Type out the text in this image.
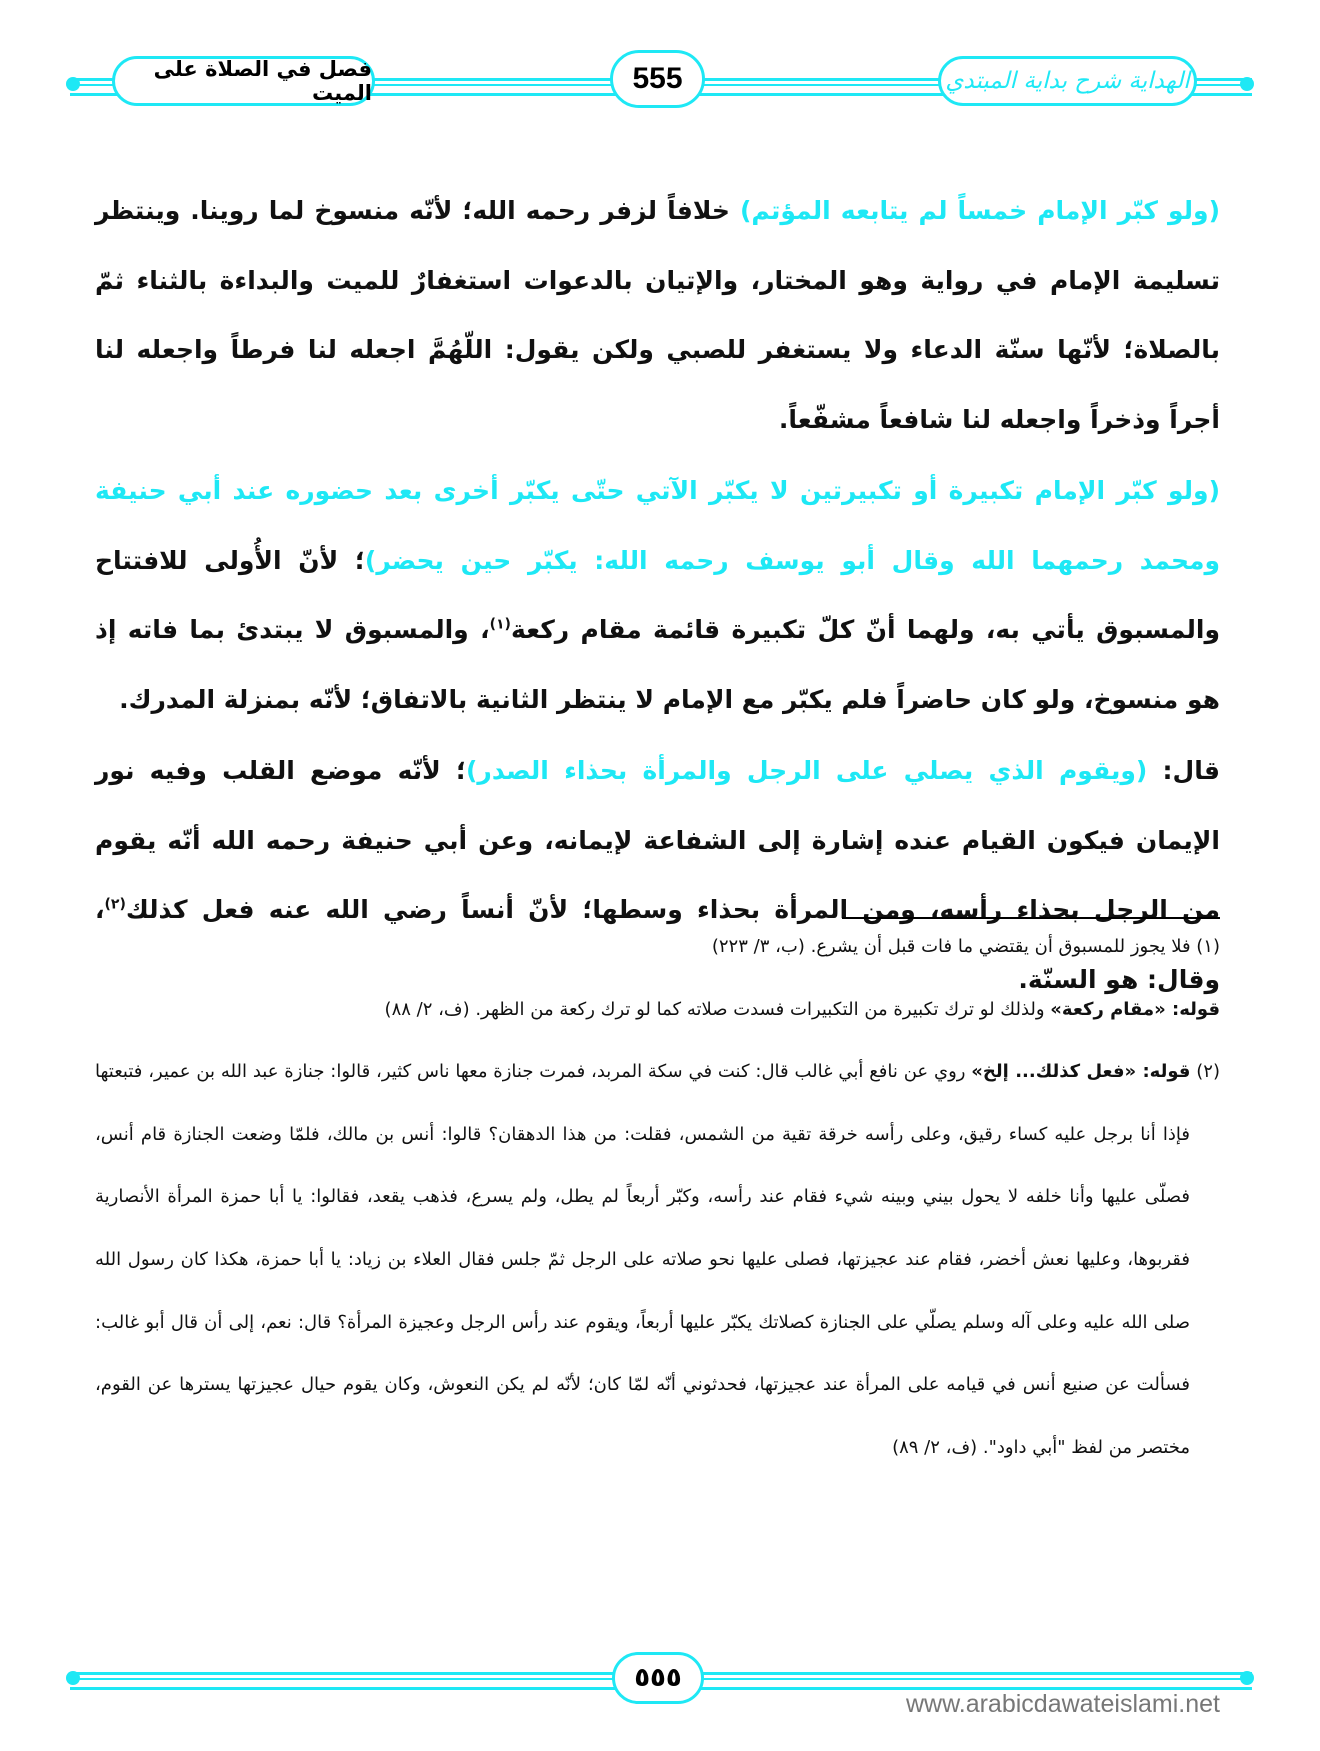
فصل في الصلاة على الميت	555	الهداية شرح بداية المبتدي

(ولو كبّر الإمام خمساً لم يتابعه المؤتم) خلافاً لزفر رحمه الله؛ لأنّه منسوخ لما روينا. وينتظر تسليمة الإمام في رواية وهو المختار، والإتيان بالدعوات استغفارٌ للميت والبداءة بالثناء ثمّ بالصلاة؛ لأنّها سنّة الدعاء ولا يستغفر للصبي ولكن يقول: اللّهُمَّ اجعله لنا فرطاً واجعله لنا أجراً وذخراً واجعله لنا شافعاً مشفّعاً.

(ولو كبّر الإمام تكبيرة أو تكبيرتين لا يكبّر الآتي حتّى يكبّر أخرى بعد حضوره عند أبي حنيفة ومحمد رحمهما الله وقال أبو يوسف رحمه الله: يكبّر حين يحضر)؛ لأنّ الأُولى للافتتاح والمسبوق يأتي به، ولهما أنّ كلّ تكبيرة قائمة مقام ركعة$^{(١)}$، والمسبوق لا يبتدئ بما فاته إذ هو منسوخ، ولو كان حاضراً فلم يكبّر مع الإمام لا ينتظر الثانية بالاتفاق؛ لأنّه بمنزلة المدرك.

قال: (ويقوم الذي يصلي على الرجل والمرأة بحذاء الصدر)؛ لأنّه موضع القلب وفيه نور الإيمان فيكون القيام عنده إشارة إلى الشفاعة لإيمانه، وعن أبي حنيفة رحمه الله أنّه يقوم من الرجل بحذاء رأسه، ومن المرأة بحذاء وسطها؛ لأنّ أنساً رضي الله عنه فعل كذلك$^{(٢)}$، وقال: هو السنّة.

(١) فلا يجوز للمسبوق أن يقتضي ما فات قبل أن يشرع. (ب، ٣/ ٢٢٣)

قوله: «مقام ركعة» ولذلك لو ترك تكبيرة من التكبيرات فسدت صلاته كما لو ترك ركعة من الظهر. (ف، ٢/ ٨٨)

(٢) قوله: «فعل كذلك... إلخ» روي عن نافع أبي غالب قال: كنت في سكة المربد، فمرت جنازة معها ناس كثير، قالوا: جنازة عبد الله بن عمير، فتبعتها فإذا أنا برجل عليه كساء رقيق، وعلى رأسه خرقة تقية من الشمس، فقلت: من هذا الدهقان؟ قالوا: أنس بن مالك، فلمّا وضعت الجنازة قام أنس، فصلّى عليها وأنا خلفه لا يحول بيني وبينه شيء فقام عند رأسه، وكبّر أربعاً لم يطل، ولم يسرع، فذهب يقعد، فقالوا: يا أبا حمزة المرأة الأنصارية فقربوها، وعليها نعش أخضر، فقام عند عجيزتها، فصلى عليها نحو صلاته على الرجل ثمّ جلس فقال العلاء بن زياد: يا أبا حمزة، هكذا كان رسول الله صلى الله عليه وعلى آله وسلم يصلّي على الجنازة كصلاتك يكبّر عليها أربعاً، ويقوم عند رأس الرجل وعجيزة المرأة؟ قال: نعم، إلى أن قال أبو غالب: فسألت عن صنيع أنس في قيامه على المرأة عند عجيزتها، فحدثوني أنّه لمّا كان؛ لأنّه لم يكن النعوش، وكان يقوم حيال عجيزتها يسترها عن القوم، مختصر من لفظ "أبي داود". (ف، ٢/ ٨٩)

٥٥٥
www.arabicdawateislami.net
